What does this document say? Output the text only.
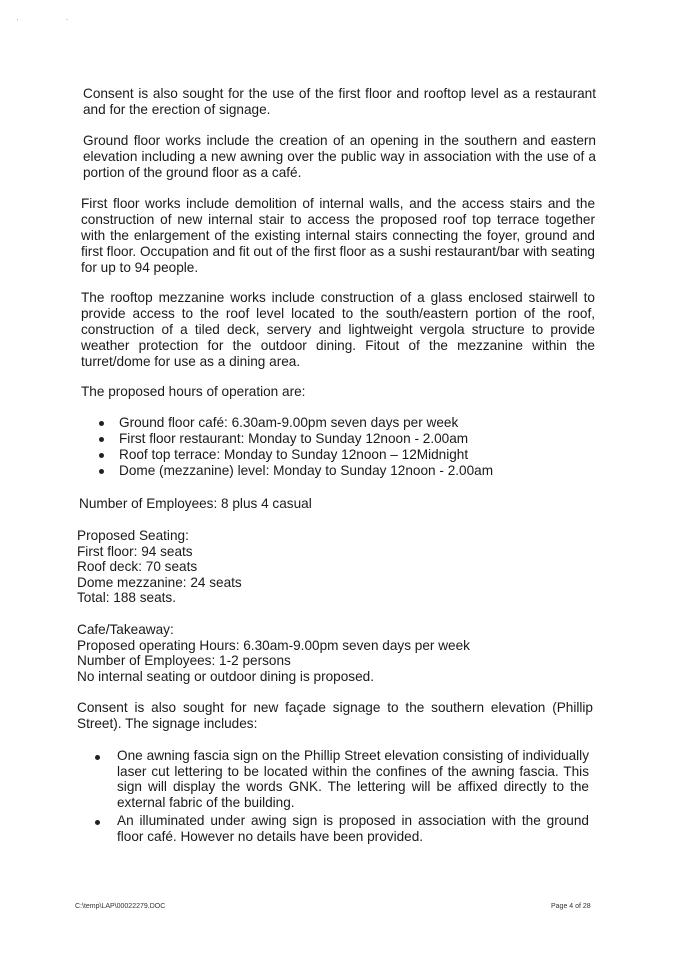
· ·
Consent is also sought for the use of the first floor and rooftop level as a restaurant and for the erection of signage.
Ground floor works include the creation of an opening in the southern and eastern elevation including a new awning over the public way in association with the use of a portion of the ground floor as a café.
First floor works include demolition of internal walls, and the access stairs and the construction of new internal stair to access the proposed roof top terrace together with the enlargement of the existing internal stairs connecting the foyer, ground and first floor. Occupation and fit out of the first floor as a sushi restaurant/bar with seating for up to 94 people.
The rooftop mezzanine works include construction of a glass enclosed stairwell to provide access to the roof level located to the south/eastern portion of the roof, construction of a tiled deck, servery and lightweight vergola structure to provide weather protection for the outdoor dining. Fitout of the mezzanine within the turret/dome for use as a dining area.
The proposed hours of operation are:
Ground floor café: 6.30am-9.00pm seven days per week
First floor restaurant: Monday to Sunday 12noon - 2.00am
Roof top terrace: Monday to Sunday 12noon – 12Midnight
Dome (mezzanine) level: Monday to Sunday 12noon - 2.00am
Number of Employees: 8 plus 4 casual
Proposed Seating:
First floor: 94 seats
Roof deck: 70 seats
Dome mezzanine: 24 seats
Total: 188 seats.
Cafe/Takeaway:
Proposed operating Hours: 6.30am-9.00pm seven days per week
Number of Employees: 1-2 persons
No internal seating or outdoor dining is proposed.
Consent is also sought for new façade signage to the southern elevation (Phillip Street). The signage includes:
One awning fascia sign on the Phillip Street elevation consisting of individually laser cut lettering to be located within the confines of the awning fascia. This sign will display the words GNK. The lettering will be affixed directly to the external fabric of the building.
An illuminated under awing sign is proposed in association with the ground floor café. However no details have been provided.
C:\temp\LAP\00022279.DOC	Page 4 of 28
